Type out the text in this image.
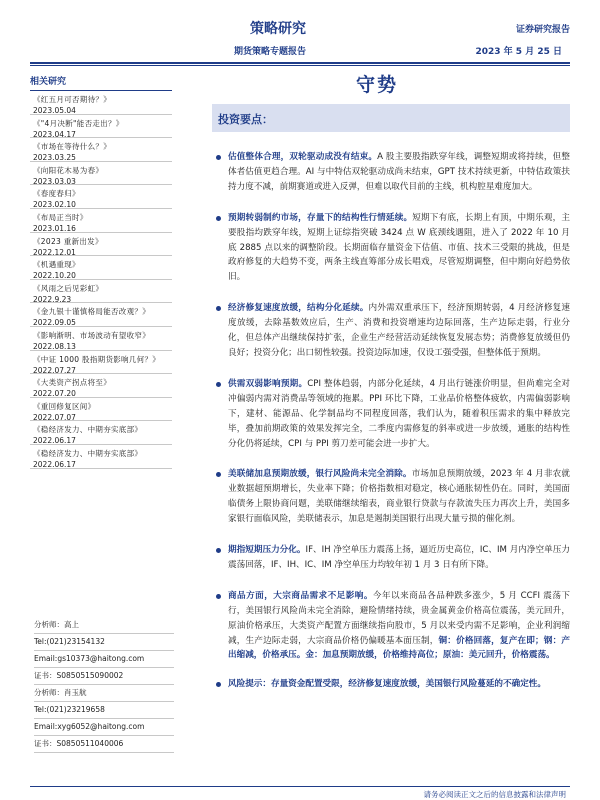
策略研究
期货策略专题报告
证券研究报告
2023 年 5 月 25 日
相关研究
《红五月可否期待？》
2023.05.04
《"4月决断"能否走出？》
2023.04.17
《市场在等待什么？》
2023.03.25
《向阳花木易为春》
2023.03.03
《春度春归》
2023.02.10
《布局正当时》
2023.01.16
《2023 重新出发》
2022.12.01
《机遇重现》
2022.10.20
《风雨之后见彩虹》
2022.9.23
《金九银十谨慎格局能否改观？》
2022.09.05
《影响渐明、市场波动有望收窄》
2022.08.13
《中证 1000 股指期货影响几何？》
2022.07.27
《大类资产拐点将至》
2022.07.20
《重回修复区间》
2022.07.07
《稳经济发力、中期夯实底部》
2022.06.17
《稳经济发力、中期夯实底部》
2022.06.17
分析师：高上
Tel:(021)23154132
Email:gs10373@haitong.com
证书：S0850515090002
分析师：肖玉航
Tel:(021)23219658
Email:xyg6052@haitong.com
证书：S0850511040006
守势
投资要点：
估值整体合理，双轮驱动成没有结束。A 股主要股指跌穿年线，调整短期或将持续，但整体者估值更趋合理。AI 与中特估双轮驱动成尚未结束，GPT 技术持续更新，中特估政策扶持力度不减，前期赛道或进入反弹，但难以取代目前的主线，机构腔星难度加大。
预期转弱制约市场，存量下的结构性行情延续。短期下有底，长期上有顶，中期乐观，主要股指均跌穿年线，短期上证综指突破 3424 点 W 底颈线遇阻，进入了 2022 年 10 月底 2885 点以来的调整阶段。长期面临存量资金下估值、市值、技术三受限的挑战，但是政府修复的大趋势不变，两条主线直筹部分成长唱戏，尽管短期调整，但中期向好趋势依旧。
经济修复速度放缓，结构分化延续。内外需双重承压下，经济预期转弱，4 月经济修复速度放缓，去除基数效应后，生产、消费和投资增速均边际回落，生产边际走弱，行业分化，但总体产出继续保持扩张，企业生产经营活动延续恢复发展态势；消费修复放缓但仍良好；投资分化；出口韧性较强。投资边际加速，仅设工强受强，但整体低于预期。
供需双弱影响预期。CPI 整体趋弱，内部分化延续，4 月出行链涨价明显，但尚难完全对冲偏弱内需对消费品等领域的拖累。PPI 环比下降，工业品价格整体疲软，内需偏弱影响下，建材、能源品、化学制品均不同程度回落，我们认为，随着积压需求的集中释放完毕，叠加前期政策的效果发挥完全，二季度内需修复的斜率或进一步放缓，通胀的结构性分化仍将延续，CPI 与 PPI 剪刀差可能会进一步扩大。
美联储加息预期放缓，银行风险尚未完全消除。市场加息预期放缓，2023 年 4 月非农就业数据超预期增长，失业率下降；价格指数相对稳定，核心通胀韧性仍在。同时，美国面临债务上限协商问题，美联储继续缩表，商业银行贷款与存款流失压力再次上升，美国多家银行面临风险，美联储表示，加息是遏制美国银行出现大量亏损的催化剂。
期指短期压力分化。IF、IH 净空单压力震荡上扬，逼近历史高位，IC、IM 月内净空单压力震荡回落，IF、IH、IC、IM 净空单压力均较年初 1 月 3 日有所下降。
商品方面，大宗商品需求不足影响。今年以来商品各品种跌多涨少，5 月 CCFI 震荡下行，美国银行风险尚未完全消除，避险情绪持续，贵金属黄金价格高位震荡，美元回升，原油价格承压，大类资产配置方面继续指向股市，5 月以来受内需不足影响，企业利润缩减，生产边际走弱，大宗商品价格仍偏暖基本面压制，铜：价格回落，复产在即；钢：产出缩减，价格承压。金：加息预期放缓，价格维持高位；原油：美元回升，价格震荡。
风险提示：存量资金配置受限，经济修复速度放缓，美国银行风险蔓延的不确定性。
请务必阅读正文之后的信息披露和法律声明
